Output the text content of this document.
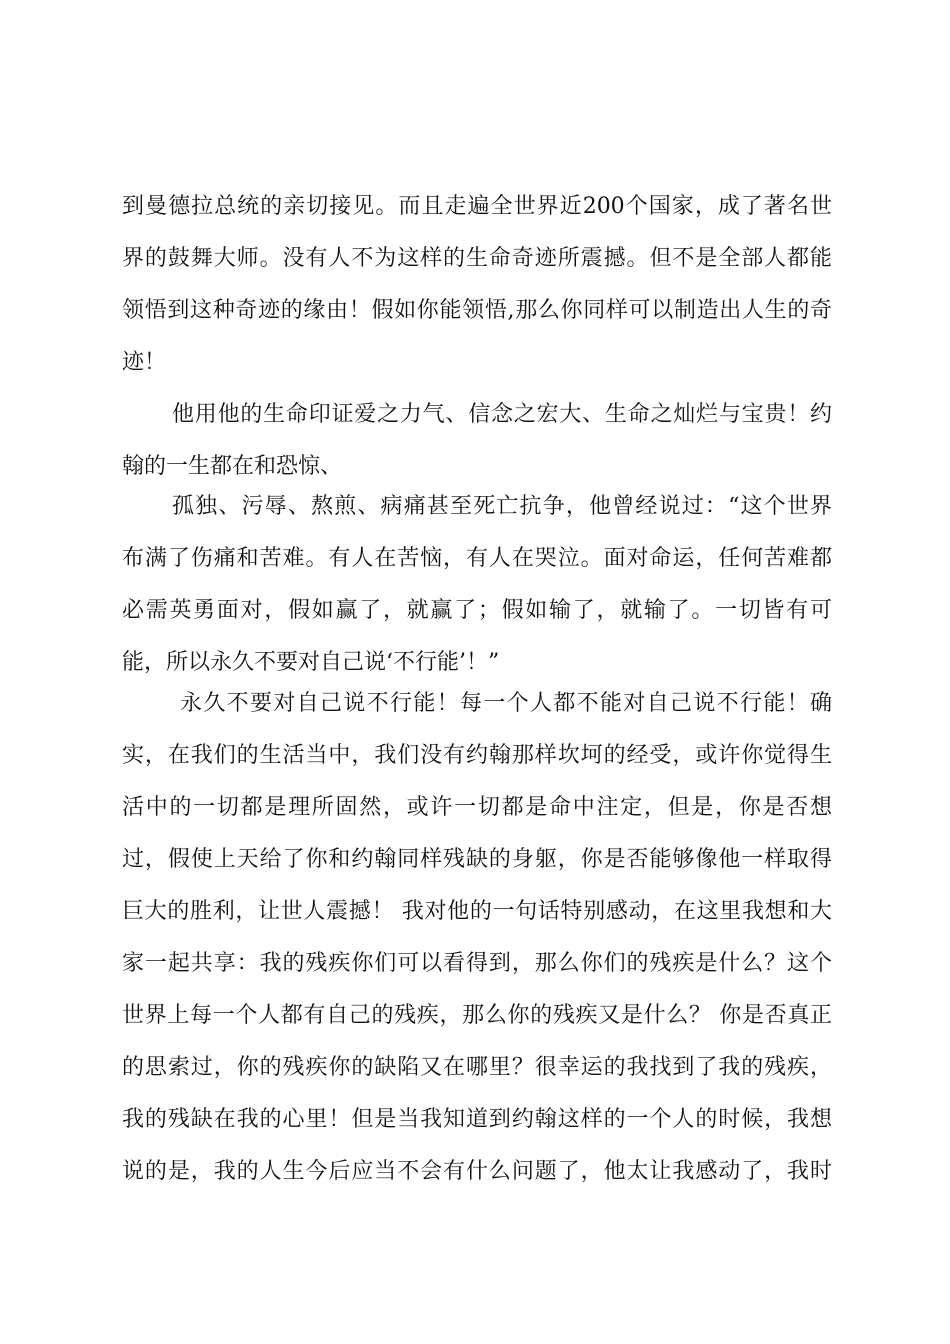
到曼德拉总统的亲切接见。而且走遍全世界近200个国家，成了著名世
界的鼓舞大师。没有人不为这样的生命奇迹所震撼。但不是全部人都能
领悟到这种奇迹的缘由！假如你能领悟,那么你同样可以制造出人生的奇
迹！
他用他的生命印证爱之力气、信念之宏大、生命之灿烂与宝贵！约
翰的一生都在和恐惊、
孤独、污辱、熬煎、病痛甚至死亡抗争，他曾经说过：“这个世界
布满了伤痛和苦难。有人在苦恼，有人在哭泣。面对命运，任何苦难都
必需英勇面对，假如赢了，就赢了；假如输了，就输了。一切皆有可
能，所以永久不要对自己说‘不行能’！”
永久不要对自己说不行能！每一个人都不能对自己说不行能！确
实，在我们的生活当中，我们没有约翰那样坎坷的经受，或许你觉得生
活中的一切都是理所固然，或许一切都是命中注定，但是，你是否想
过，假使上天给了你和约翰同样残缺的身躯，你是否能够像他一样取得
巨大的胜利，让世人震撼！ 我对他的一句话特别感动，在这里我想和大
家一起共享：我的残疾你们可以看得到，那么你们的残疾是什么？这个
世界上每一个人都有自己的残疾，那么你的残疾又是什么？ 你是否真正
的思索过，你的残疾你的缺陷又在哪里？很幸运的我找到了我的残疾，
我的残缺在我的心里！但是当我知道到约翰这样的一个人的时候，我想
说的是，我的人生今后应当不会有什么问题了，他太让我感动了，我时
